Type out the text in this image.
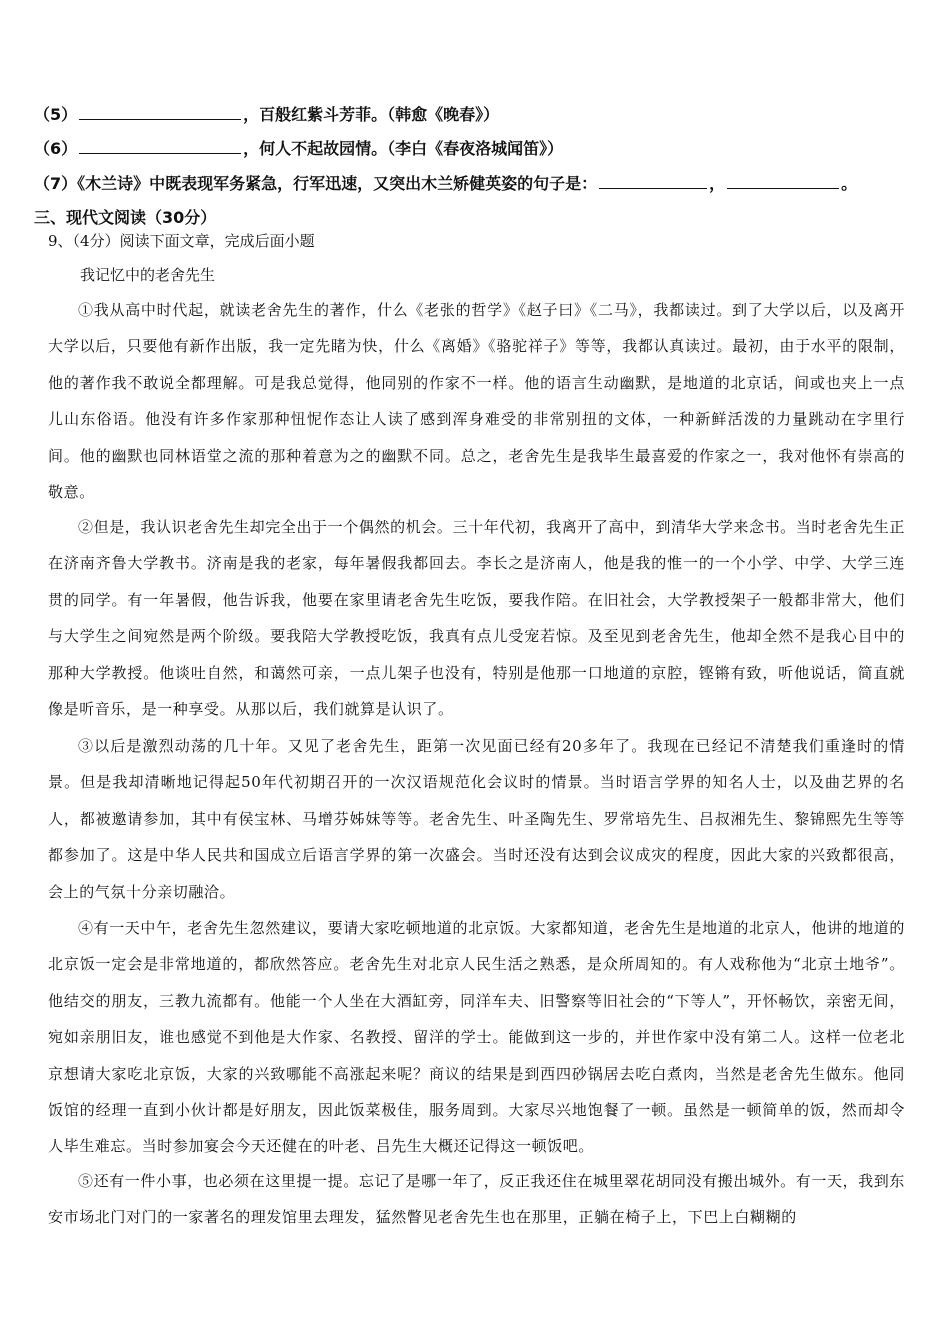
（5）	，百般红紫斗芳菲。（韩愈《晚春》）
（6）	，何人不起故园情。（李白《春夜洛城闻笛》）
（7）《木兰诗》中既表现军务紧急，行军迅速，又突出木兰矫健英姿的句子是：	，	。
三、现代文阅读（30分）
9、（4分）阅读下面文章，完成后面小题
我记忆中的老舍先生

①我从高中时代起，就读老舍先生的著作，什么《老张的哲学》《赵子曰》《二马》，我都读过。到了大学以后，以及离开大学以后，只要他有新作出版，我一定先睹为快，什么《离婚》《骆驼祥子》等等，我都认真读过。最初，由于水平的限制，他的著作我不敢说全都理解。可是我总觉得，他同别的作家不一样。他的语言生动幽默，是地道的北京话，间或也夹上一点儿山东俗语。他没有许多作家那种忸怩作态让人读了感到浑身难受的非常别扭的文体，一种新鲜活泼的力量跳动在字里行间。他的幽默也同林语堂之流的那种着意为之的幽默不同。总之，老舍先生是我毕生最喜爱的作家之一，我对他怀有崇高的敬意。

②但是，我认识老舍先生却完全出于一个偶然的机会。三十年代初，我离开了高中，到清华大学来念书。当时老舍先生正在济南齐鲁大学教书。济南是我的老家，每年暑假我都回去。李长之是济南人，他是我的惟一的一个小学、中学、大学三连贯的同学。有一年暑假，他告诉我，他要在家里请老舍先生吃饭，要我作陪。在旧社会，大学教授架子一般都非常大，他们与大学生之间宛然是两个阶级。要我陪大学教授吃饭，我真有点儿受宠若惊。及至见到老舍先生，他却全然不是我心目中的那种大学教授。他谈吐自然，和蔼然可亲，一点儿架子也没有，特别是他那一口地道的京腔，铿锵有致，听他说话，简直就像是听音乐，是一种享受。从那以后，我们就算是认识了。

③以后是激烈动荡的几十年。又见了老舍先生，距第一次见面已经有20多年了。我现在已经记不清楚我们重逢时的情景。但是我却清晰地记得起50年代初期召开的一次汉语规范化会议时的情景。当时语言学界的知名人士，以及曲艺界的名人，都被邀请参加，其中有侯宝林、马增芬姊妹等等。老舍先生、叶圣陶先生、罗常培先生、吕叔湘先生、黎锦熙先生等等都参加了。这是中华人民共和国成立后语言学界的第一次盛会。当时还没有达到会议成灾的程度，因此大家的兴致都很高，会上的气氛十分亲切融洽。

④有一天中午，老舍先生忽然建议，要请大家吃顿地道的北京饭。大家都知道，老舍先生是地道的北京人，他讲的地道的北京饭一定会是非常地道的，都欣然答应。老舍先生对北京人民生活之熟悉，是众所周知的。有人戏称他为“北京土地爷”。他结交的朋友，三教九流都有。他能一个人坐在大酒缸旁，同洋车夫、旧警察等旧社会的“下等人”，开怀畅饮，亲密无间，宛如亲朋旧友，谁也感觉不到他是大作家、名教授、留洋的学士。能做到这一步的，并世作家中没有第二人。这样一位老北京想请大家吃北京饭，大家的兴致哪能不高涨起来呢？商议的结果是到西四砂锅居去吃白煮肉，当然是老舍先生做东。他同饭馆的经理一直到小伙计都是好朋友，因此饭菜极佳，服务周到。大家尽兴地饱餐了一顿。虽然是一顿简单的饭，然而却令人毕生难忘。当时参加宴会今天还健在的叶老、吕先生大概还记得这一顿饭吧。

⑤还有一件小事，也必须在这里提一提。忘记了是哪一年了，反正我还住在城里翠花胡同没有搬出城外。有一天，我到东安市场北门对门的一家著名的理发馆里去理发，猛然瞥见老舍先生也在那里，正躺在椅子上，下巴上白糊糊的
